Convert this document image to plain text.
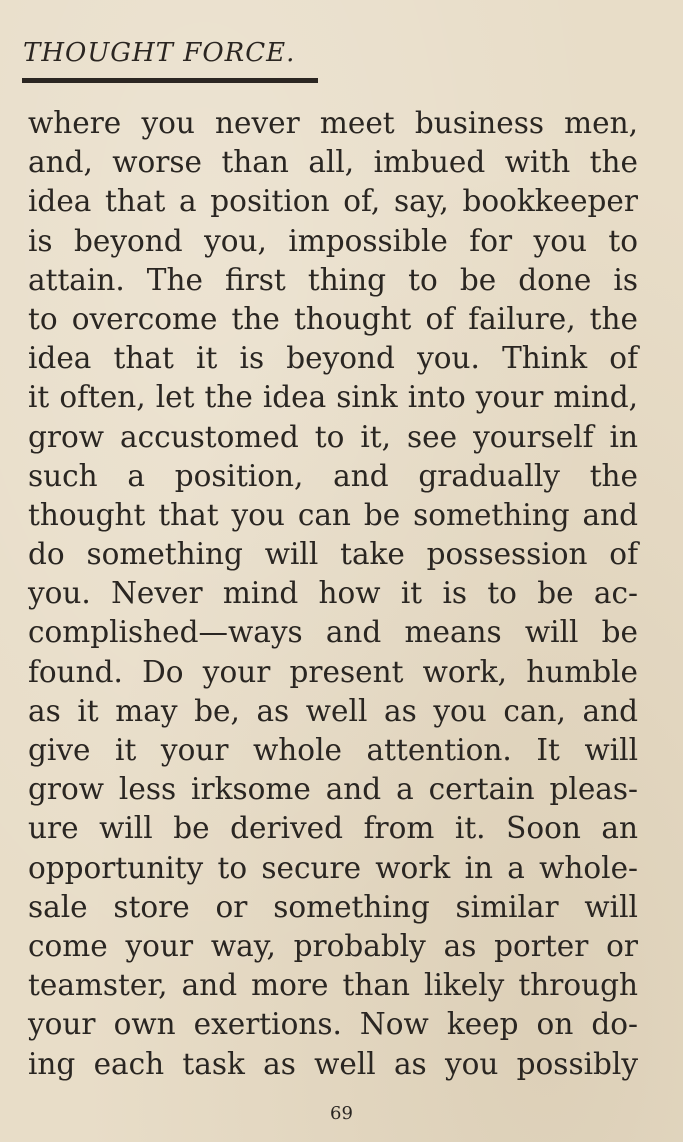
THOUGHT FORCE.
where you never meet business men,
and, worse than all, imbued with the
idea that a position of, say, bookkeeper
is beyond you, impossible for you to
attain. The first thing to be done is
to overcome the thought of failure, the
idea that it is beyond you. Think of
it often, let the idea sink into your mind,
grow accustomed to it, see yourself in
such a position, and gradually the
thought that you can be something and
do something will take possession of
you. Never mind how it is to be ac-
complished—ways and means will be
found. Do your present work, humble
as it may be, as well as you can, and
give it your whole attention. It will
grow less irksome and a certain pleas-
ure will be derived from it. Soon an
opportunity to secure work in a whole-
sale store or something similar will
come your way, probably as porter or
teamster, and more than likely through
your own exertions. Now keep on do-
ing each task as well as you possibly
69
